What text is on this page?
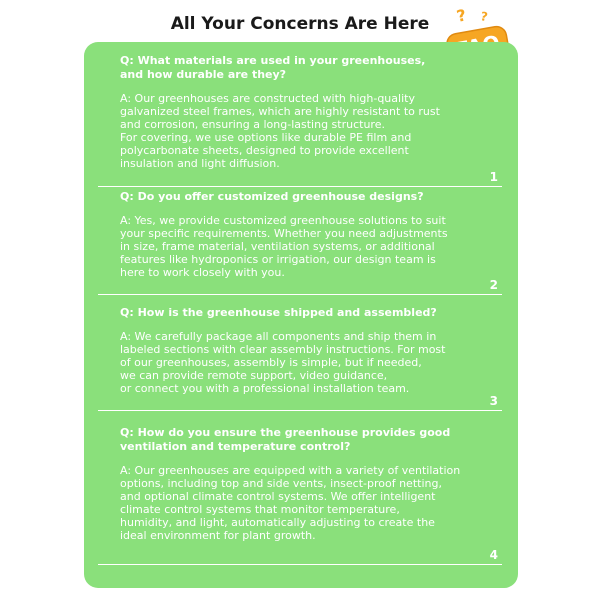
All Your Concerns Are Here	? ?
Q: What materials are used in your greenhouses,
and how durable are they?
A: Our greenhouses are constructed with high-quality
galvanized steel frames, which are highly resistant to rust
and corrosion, ensuring a long-lasting structure.
For covering, we use options like durable PE film and
polycarbonate sheets, designed to provide excellent
insulation and light diffusion.
1
Q: Do you offer customized greenhouse designs?
A: Yes, we provide customized greenhouse solutions to suit
your specific requirements. Whether you need adjustments
in size, frame material, ventilation systems, or additional
features like hydroponics or irrigation, our design team is
here to work closely with you.
2
Q: How is the greenhouse shipped and assembled?
A: We carefully package all components and ship them in
labeled sections with clear assembly instructions. For most
of our greenhouses, assembly is simple, but if needed,
we can provide remote support, video guidance,
or connect you with a professional installation team.
3
Q: How do you ensure the greenhouse provides good
ventilation and temperature control?
A: Our greenhouses are equipped with a variety of ventilation
options, including top and side vents, insect-proof netting,
and optional climate control systems. We offer intelligent
climate control systems that monitor temperature,
humidity, and light, automatically adjusting to create the
ideal environment for plant growth.
4
